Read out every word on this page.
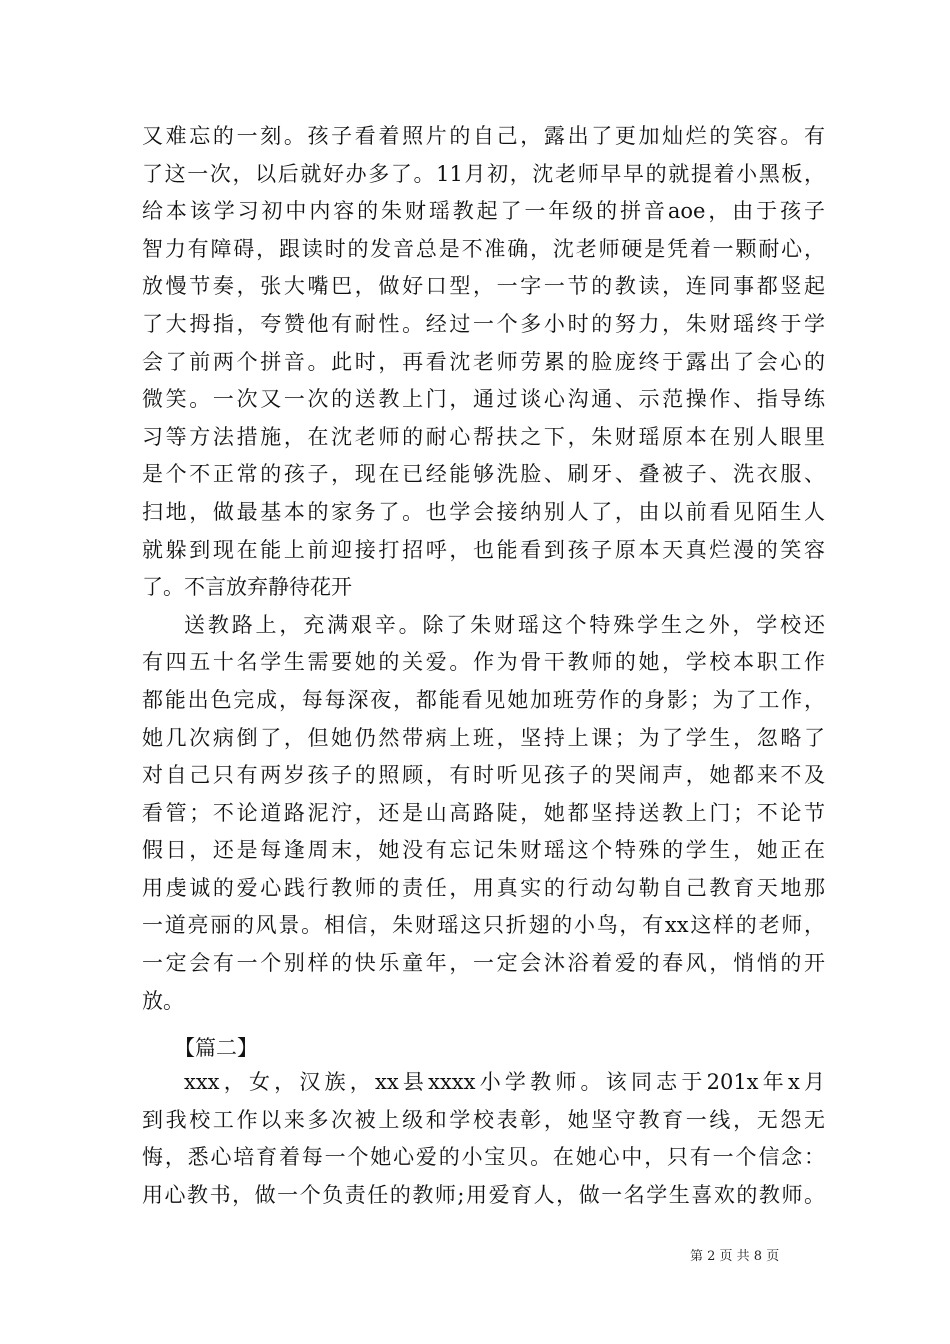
又难忘的一刻。孩子看着照片的自己，露出了更加灿烂的笑容。有
了这一次，以后就好办多了。11月初，沈老师早早的就提着小黑板，
给本该学习初中内容的朱财瑶教起了一年级的拼音aoe，由于孩子
智力有障碍，跟读时的发音总是不准确，沈老师硬是凭着一颗耐心，
放慢节奏，张大嘴巴，做好口型，一字一节的教读，连同事都竖起
了大拇指，夸赞他有耐性。经过一个多小时的努力，朱财瑶终于学
会了前两个拼音。此时，再看沈老师劳累的脸庞终于露出了会心的
微笑。一次又一次的送教上门，通过谈心沟通、示范操作、指导练
习等方法措施，在沈老师的耐心帮扶之下，朱财瑶原本在别人眼里
是个不正常的孩子，现在已经能够洗脸、刷牙、叠被子、洗衣服、
扫地，做最基本的家务了。也学会接纳别人了，由以前看见陌生人
就躲到现在能上前迎接打招呼，也能看到孩子原本天真烂漫的笑容
了。不言放弃静待花开
送教路上，充满艰辛。除了朱财瑶这个特殊学生之外，学校还
有四五十名学生需要她的关爱。作为骨干教师的她，学校本职工作
都能出色完成，每每深夜，都能看见她加班劳作的身影；为了工作，
她几次病倒了，但她仍然带病上班，坚持上课；为了学生，忽略了
对自己只有两岁孩子的照顾，有时听见孩子的哭闹声，她都来不及
看管；不论道路泥泞，还是山高路陡，她都坚持送教上门；不论节
假日，还是每逢周末，她没有忘记朱财瑶这个特殊的学生，她正在
用虔诚的爱心践行教师的责任，用真实的行动勾勒自己教育天地那
一道亮丽的风景。相信，朱财瑶这只折翅的小鸟，有xx这样的老师，
一定会有一个别样的快乐童年，一定会沐浴着爱的春风，悄悄的开
放。
【篇二】
xxx，女，汉族，xx县xxxx小学教师。该同志于201x年x月
到我校工作以来多次被上级和学校表彰，她坚守教育一线，无怨无
悔，悉心培育着每一个她心爱的小宝贝。在她心中，只有一个信念：
用心教书，做一个负责任的教师;用爱育人，做一名学生喜欢的教师。
第 2 页 共 8 页
